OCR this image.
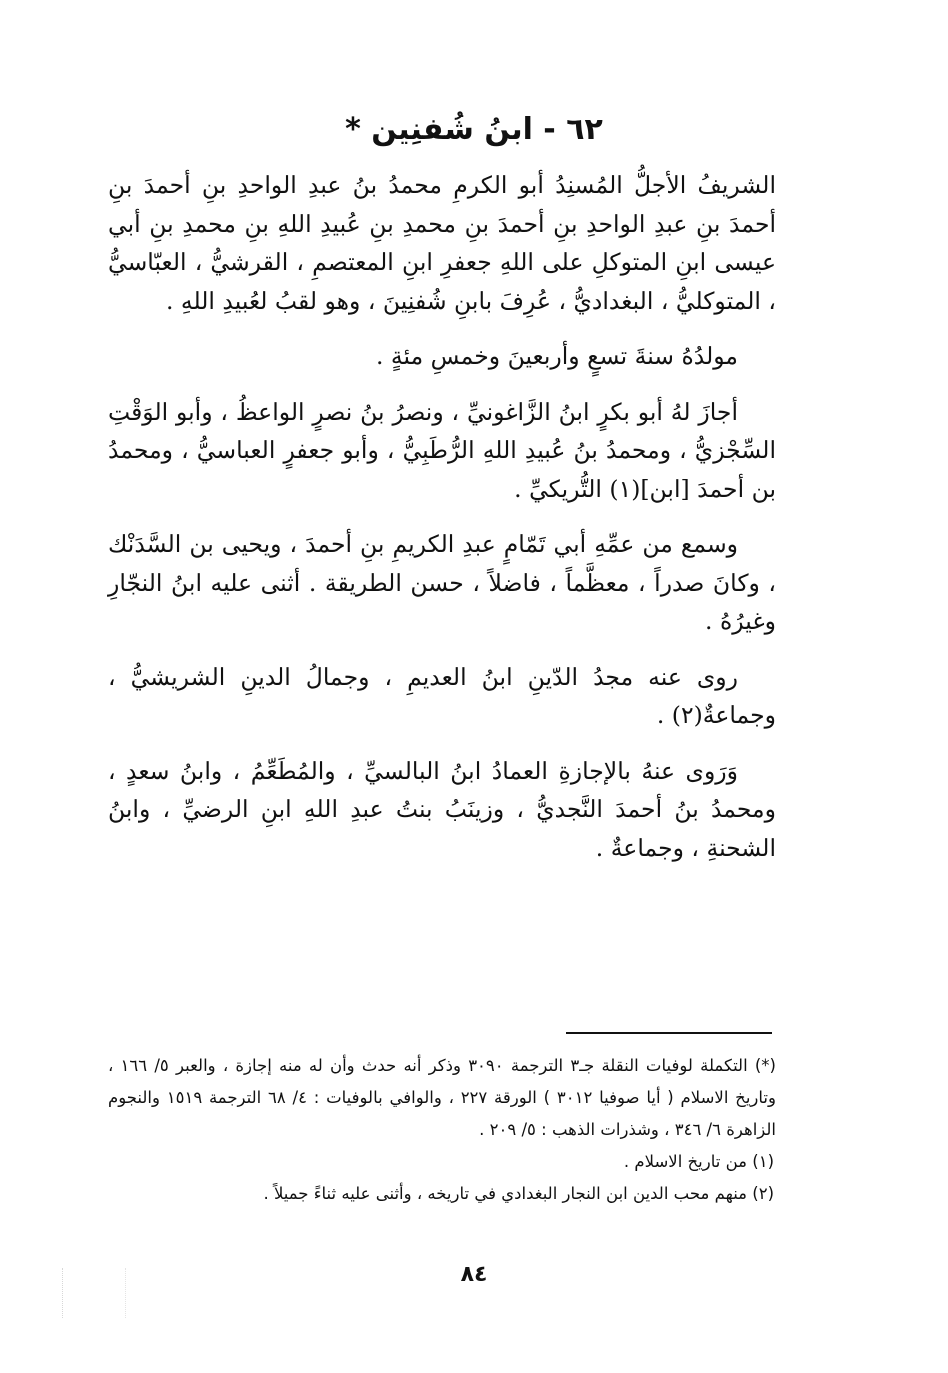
٦٢ - ابنُ شُفنِين *

الشريفُ الأجلُّ المُسنِدُ أبو الكرمِ محمدُ بنُ عبدِ الواحدِ بنِ أحمدَ بنِ أحمدَ بنِ عبدِ الواحدِ بنِ أحمدَ بنِ محمدِ بنِ عُبيدِ اللهِ بنِ محمدِ بنِ أبي عيسى ابنِ المتوكلِ على اللهِ جعفرِ ابنِ المعتصمِ ، القرشيُّ ، العبّاسيُّ ، المتوكليُّ ، البغداديُّ ، عُرِفَ بابنِ شُفنِينَ ، وهو لقبُ لعُبيدِ اللهِ .

مولدُهُ سنةَ تسعٍ وأربعينَ وخمسِ مئةٍ .

أجازَ لهُ أبو بكرٍ ابنُ الزَّاغونيِّ ، ونصرُ بنُ نصرٍ الواعظُ ، وأبو الوَقْتِ السِّجْزيُّ ، ومحمدُ بنُ عُبيدِ اللهِ الرُّطَبِيُّ ، وأبو جعفرٍ العباسيُّ ، ومحمدُ بن أحمدَ [ابن](١) التُّريكيِّ .

وسمع من عمِّهِ أبي تَمّامٍ عبدِ الكريمِ بنِ أحمدَ ، ويحيى بن السَّدَنْك ، وكانَ صدراً ، معظَّماً ، فاضلاً ، حسن الطريقة . أثنى عليه ابنُ النجّارِ وغيرُهُ .

روى عنه مجدُ الدّينِ ابنُ العديمِ ، وجمالُ الدينِ الشريشيُّ ، وجماعةٌ(٢) .

وَرَوى عنهُ بالإجازةِ العمادُ ابنُ البالسيِّ ، والمُطَعِّمُ ، وابنُ سعدٍ ، ومحمدُ بنُ أحمدَ النَّجديُّ ، وزينَبُ بنتُ عبدِ اللهِ ابنِ الرضيِّ ، وابنُ الشحنةِ ، وجماعةٌ .

(*) التكملة لوفيات النقلة جـ٣ الترجمة ٣٠٩٠ وذكر أنه حدث وأن له منه إجازة ، والعبر ٥/ ١٦٦ ، وتاريخ الاسلام ( أيا صوفيا ٣٠١٢ ) الورقة ٢٢٧ ، والوافي بالوفيات : ٤/ ٦٨ الترجمة ١٥١٩ والنجوم الزاهرة ٦/ ٣٤٦ ، وشذرات الذهب : ٥/ ٢٠٩ .

(١) من تاريخ الاسلام .

(٢) منهم محب الدين ابن النجار البغدادي في تاريخه ، وأثنى عليه ثناءً جميلاً .

٨٤
